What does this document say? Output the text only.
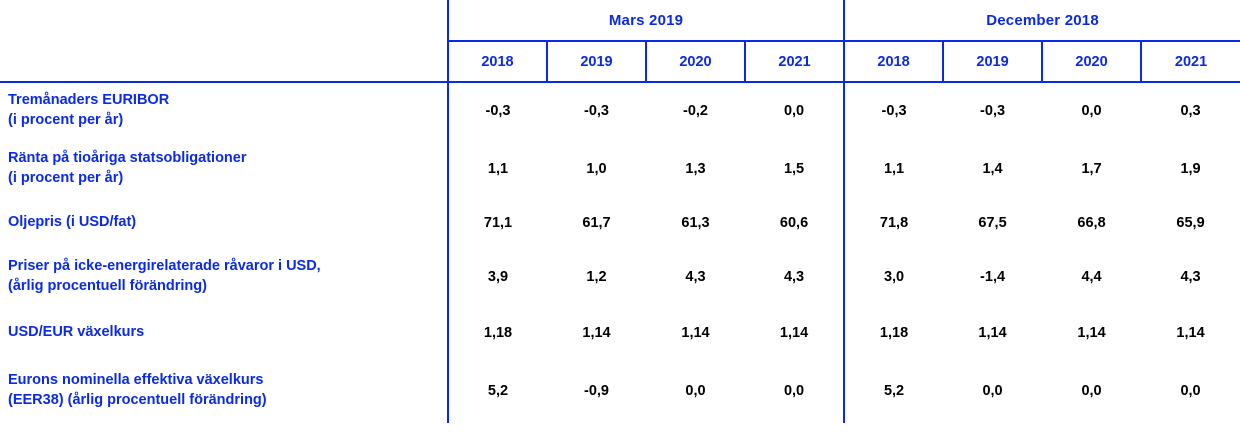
	Mars 2019				December 2018			
	2018	2019	2020	2021	2018	2019	2020	2021

Tremånaders EURIBOR
(i procent per år)	-0,3	-0,3	-0,2	0,0	-0,3	-0,3	0,0	0,3

Ränta på tioåriga statsobligationer
(i procent per år)	1,1	1,0	1,3	1,5	1,1	1,4	1,7	1,9

Oljepris (i USD/fat)	71,1	61,7	61,3	60,6	71,8	67,5	66,8	65,9

Priser på icke-energirelaterade råvaror i USD,
(årlig procentuell förändring)	3,9	1,2	4,3	4,3	3,0	-1,4	4,4	4,3

USD/EUR växelkurs	1,18	1,14	1,14	1,14	1,18	1,14	1,14	1,14

Eurons nominella effektiva växelkurs
(EER38) (årlig procentuell förändring)	5,2	-0,9	0,0	0,0	5,2	0,0	0,0	0,0
